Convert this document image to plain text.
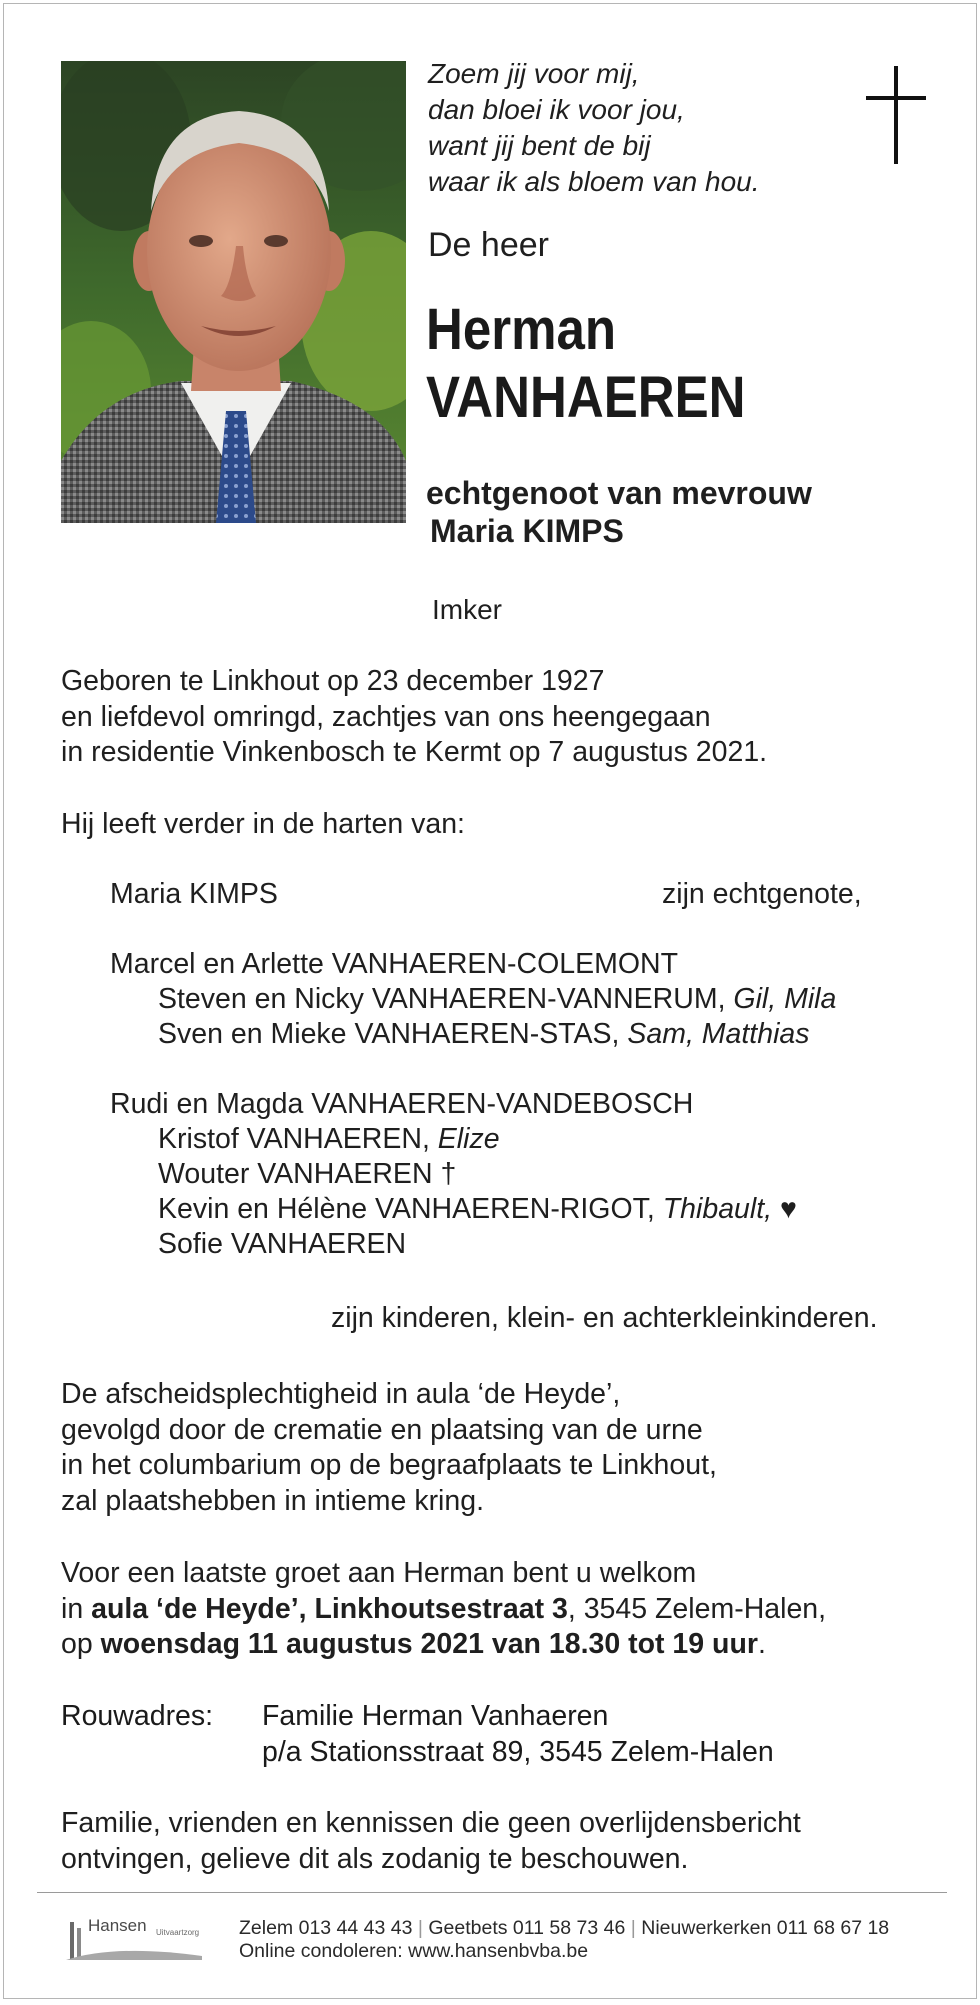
Zoem jij voor mij,
dan bloei ik voor jou,
want jij bent de bij
waar ik als bloem van hou.
De heer
Herman
VANHAEREN
echtgenoot van mevrouw
Maria KIMPS
Imker
Geboren te Linkhout op 23 december 1927
en liefdevol omringd, zachtjes van ons heengegaan
in residentie Vinkenbosch te Kermt op 7 augustus 2021.
Hij leeft verder in de harten van:
Maria KIMPS	zijn echtgenote,
Marcel en Arlette VANHAEREN-COLEMONT
Steven en Nicky VANHAEREN-VANNERUM, Gil, Mila
Sven en Mieke VANHAEREN-STAS, Sam, Matthias
Rudi en Magda VANHAEREN-VANDEBOSCH
Kristof VANHAEREN, Elize
Wouter VANHAEREN †
Kevin en Hélène VANHAEREN-RIGOT, Thibault, ♥
Sofie VANHAEREN
zijn kinderen, klein- en achterkleinkinderen.
De afscheidsplechtigheid in aula ‘de Heyde’,
gevolgd door de crematie en plaatsing van de urne
in het columbarium op de begraafplaats te Linkhout,
zal plaatshebben in intieme kring.
Voor een laatste groet aan Herman bent u welkom
in aula ‘de Heyde’, Linkhoutsestraat 3, 3545 Zelem-Halen,
op woensdag 11 augustus 2021 van 18.30 tot 19 uur.
Rouwadres: Familie Herman Vanhaeren
p/a Stationsstraat 89, 3545 Zelem-Halen
Familie, vrienden en kennissen die geen overlijdensbericht
ontvingen, gelieve dit als zodanig te beschouwen.
Hansen Uitvaartzorg Zelem 013 44 43 43 | Geetbets 011 58 73 46 | Nieuwerkerken 011 68 67 18
Online condoleren: www.hansenbvba.be
